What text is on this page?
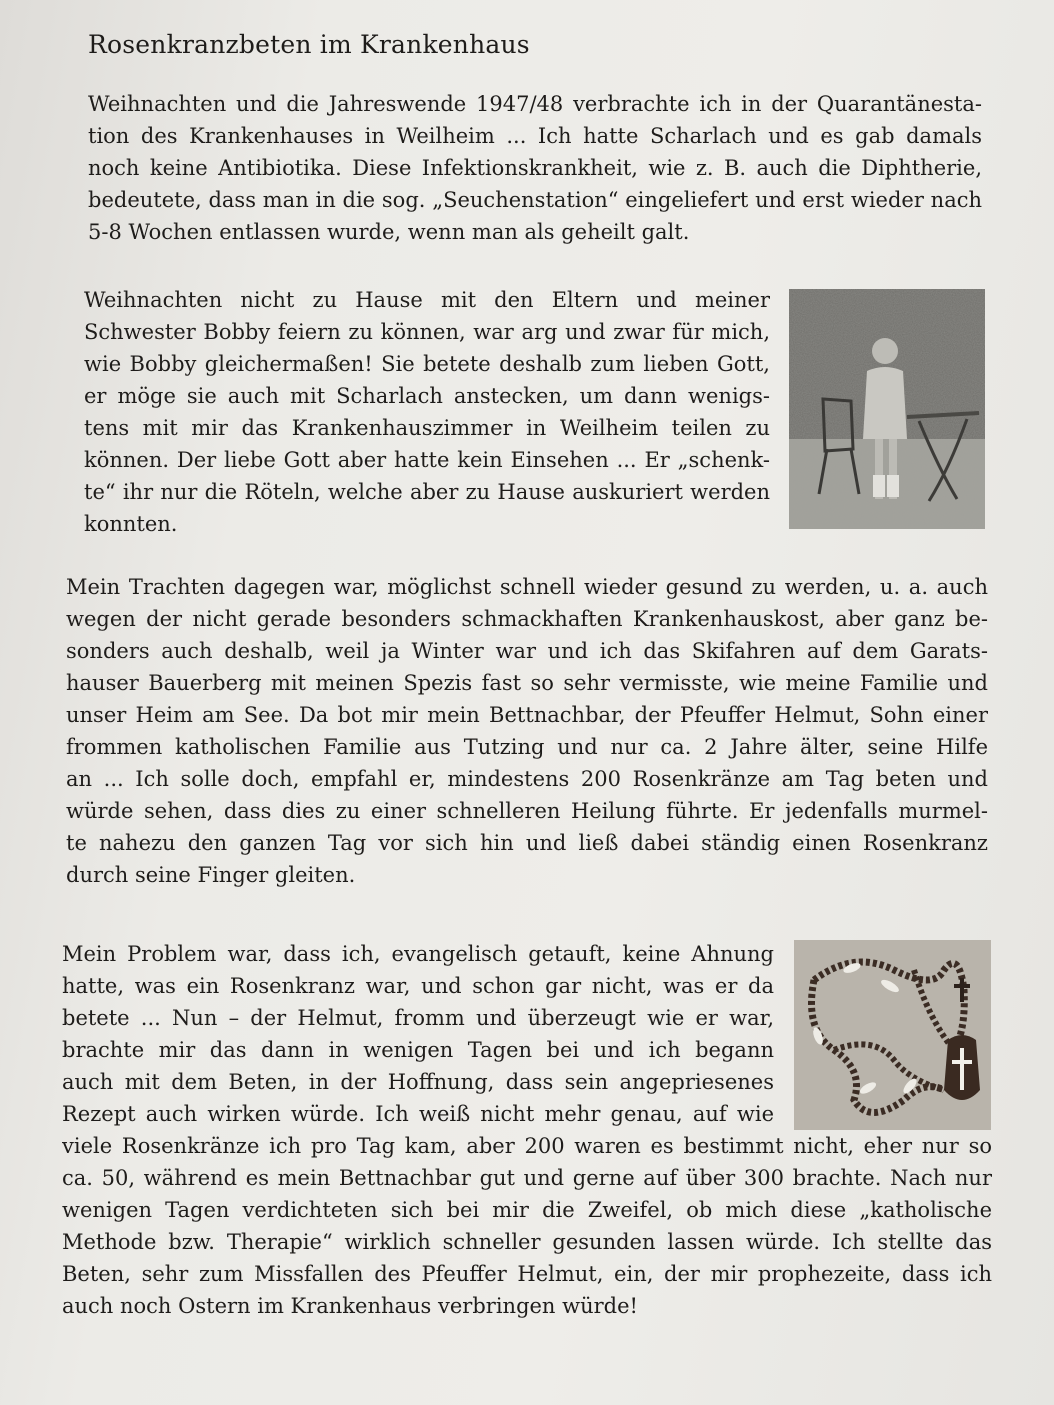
Rosenkranzbeten im Krankenhaus
Weihnachten und die Jahreswende 1947/48 verbrachte ich in der Quarantänesta-
tion des Krankenhauses in Weilheim ... Ich hatte Scharlach und es gab damals
noch keine Antibiotika. Diese Infektionskrankheit, wie z. B. auch die Diphtherie,
bedeutete, dass man in die sog. „Seuchenstation“ eingeliefert und erst wieder nach
5-8 Wochen entlassen wurde, wenn man als geheilt galt.
Weihnachten nicht zu Hause mit den Eltern und meiner
Schwester Bobby feiern zu können, war arg und zwar für mich,
wie Bobby gleichermaßen! Sie betete deshalb zum lieben Gott,
er möge sie auch mit Scharlach anstecken, um dann wenigs-
tens mit mir das Krankenhauszimmer in Weilheim teilen zu
können. Der liebe Gott aber hatte kein Einsehen ... Er „schenk-
te“ ihr nur die Röteln, welche aber zu Hause auskuriert werden
konnten.
Mein Trachten dagegen war, möglichst schnell wieder gesund zu werden, u. a. auch
wegen der nicht gerade besonders schmackhaften Krankenhauskost, aber ganz be-
sonders auch deshalb, weil ja Winter war und ich das Skifahren auf dem Garats-
hauser Bauerberg mit meinen Spezis fast so sehr vermisste, wie meine Familie und
unser Heim am See. Da bot mir mein Bettnachbar, der Pfeuffer Helmut, Sohn einer
frommen katholischen Familie aus Tutzing und nur ca. 2 Jahre älter, seine Hilfe
an ... Ich solle doch, empfahl er, mindestens 200 Rosenkränze am Tag beten und
würde sehen, dass dies zu einer schnelleren Heilung führte. Er jedenfalls murmel-
te nahezu den ganzen Tag vor sich hin und ließ dabei ständig einen Rosenkranz
durch seine Finger gleiten.
Mein Problem war, dass ich, evangelisch getauft, keine Ahnung
hatte, was ein Rosenkranz war, und schon gar nicht, was er da
betete ... Nun – der Helmut, fromm und überzeugt wie er war,
brachte mir das dann in wenigen Tagen bei und ich begann
auch mit dem Beten, in der Hoffnung, dass sein angepriesenes
Rezept auch wirken würde. Ich weiß nicht mehr genau, auf wie
viele Rosenkränze ich pro Tag kam, aber 200 waren es bestimmt nicht, eher nur so
ca. 50, während es mein Bettnachbar gut und gerne auf über 300 brachte. Nach nur
wenigen Tagen verdichteten sich bei mir die Zweifel, ob mich diese „katholische
Methode bzw. Therapie“ wirklich schneller gesunden lassen würde. Ich stellte das
Beten, sehr zum Missfallen des Pfeuffer Helmut, ein, der mir prophezeite, dass ich
auch noch Ostern im Krankenhaus verbringen würde!
